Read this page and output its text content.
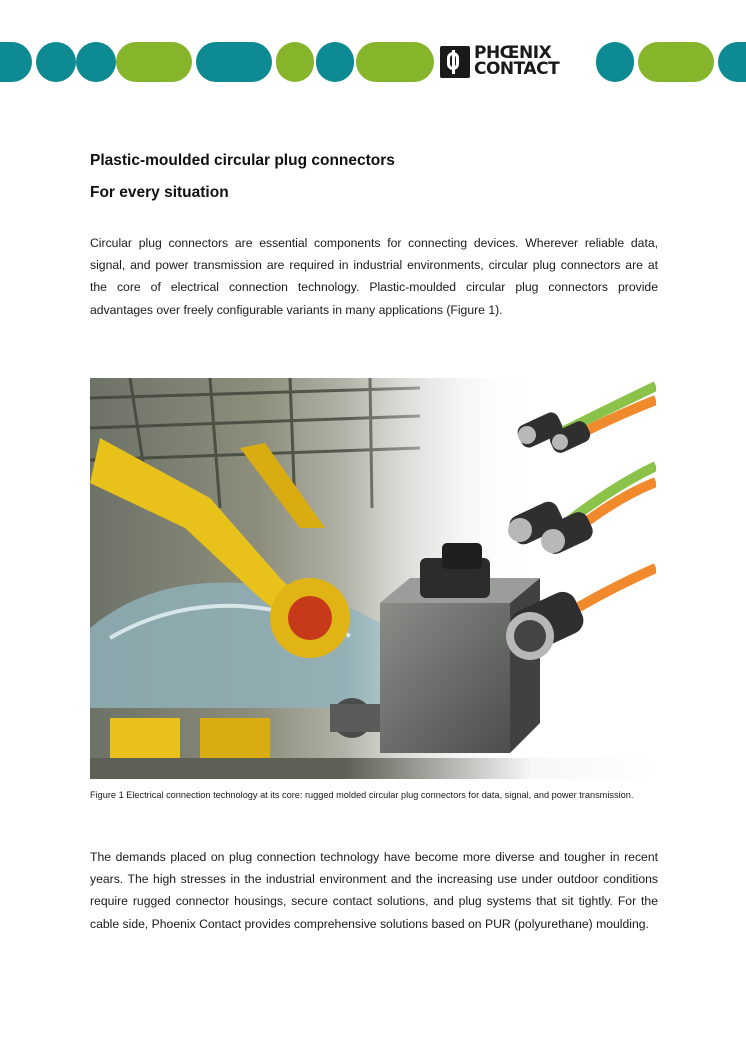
PHŒNIX
CONTACT
Plastic-moulded circular plug connectors
For every situation

Circular plug connectors are essential components for connecting devices. Wherever reliable data, signal, and power transmission are required in industrial environments, circular plug connectors are at the core of electrical connection technology. Plastic-moulded circular plug connectors provide advantages over freely configurable variants in many applications (Figure 1).

Figure 1 Electrical connection technology at its core: rugged molded circular plug connectors for data, signal, and power transmission.

The demands placed on plug connection technology have become more diverse and tougher in recent years. The high stresses in the industrial environment and the increasing use under outdoor conditions require rugged connector housings, secure contact solutions, and plug systems that sit tightly. For the cable side, Phoenix Contact provides comprehensive solutions based on PUR (polyurethane) moulding.
